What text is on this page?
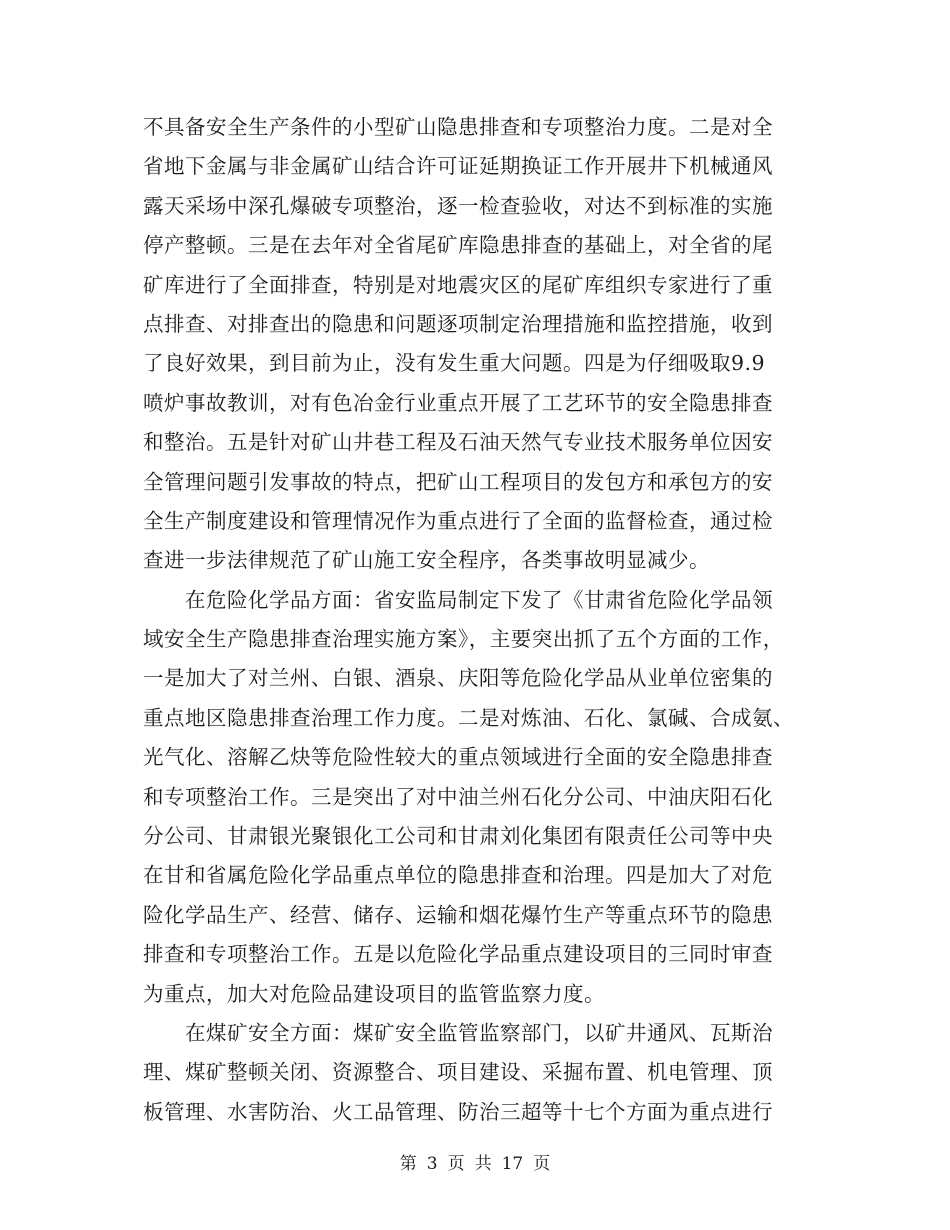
不具备安全生产条件的小型矿山隐患排查和专项整治力度。二是对全
省地下金属与非金属矿山结合许可证延期换证工作开展井下机械通风
露天采场中深孔爆破专项整治，逐一检查验收，对达不到标准的实施
停产整顿。三是在去年对全省尾矿库隐患排查的基础上，对全省的尾
矿库进行了全面排查，特别是对地震灾区的尾矿库组织专家进行了重
点排查、对排查出的隐患和问题逐项制定治理措施和监控措施，收到
了良好效果，到目前为止，没有发生重大问题。四是为仔细吸取9.9
喷炉事故教训，对有色冶金行业重点开展了工艺环节的安全隐患排查
和整治。五是针对矿山井巷工程及石油天然气专业技术服务单位因安
全管理问题引发事故的特点，把矿山工程项目的发包方和承包方的安
全生产制度建设和管理情况作为重点进行了全面的监督检查，通过检
查进一步法律规范了矿山施工安全程序，各类事故明显减少。
　　在危险化学品方面：省安监局制定下发了《甘肃省危险化学品领
域安全生产隐患排查治理实施方案》，主要突出抓了五个方面的工作，
一是加大了对兰州、白银、酒泉、庆阳等危险化学品从业单位密集的
重点地区隐患排查治理工作力度。二是对炼油、石化、氯碱、合成氨、
光气化、溶解乙炔等危险性较大的重点领域进行全面的安全隐患排查
和专项整治工作。三是突出了对中油兰州石化分公司、中油庆阳石化
分公司、甘肃银光聚银化工公司和甘肃刘化集团有限责任公司等中央
在甘和省属危险化学品重点单位的隐患排查和治理。四是加大了对危
险化学品生产、经营、储存、运输和烟花爆竹生产等重点环节的隐患
排查和专项整治工作。五是以危险化学品重点建设项目的三同时审查
为重点，加大对危险品建设项目的监管监察力度。
　　在煤矿安全方面：煤矿安全监管监察部门，以矿井通风、瓦斯治
理、煤矿整顿关闭、资源整合、项目建设、采掘布置、机电管理、顶
板管理、水害防治、火工品管理、防治三超等十七个方面为重点进行
第 3 页 共 17 页
